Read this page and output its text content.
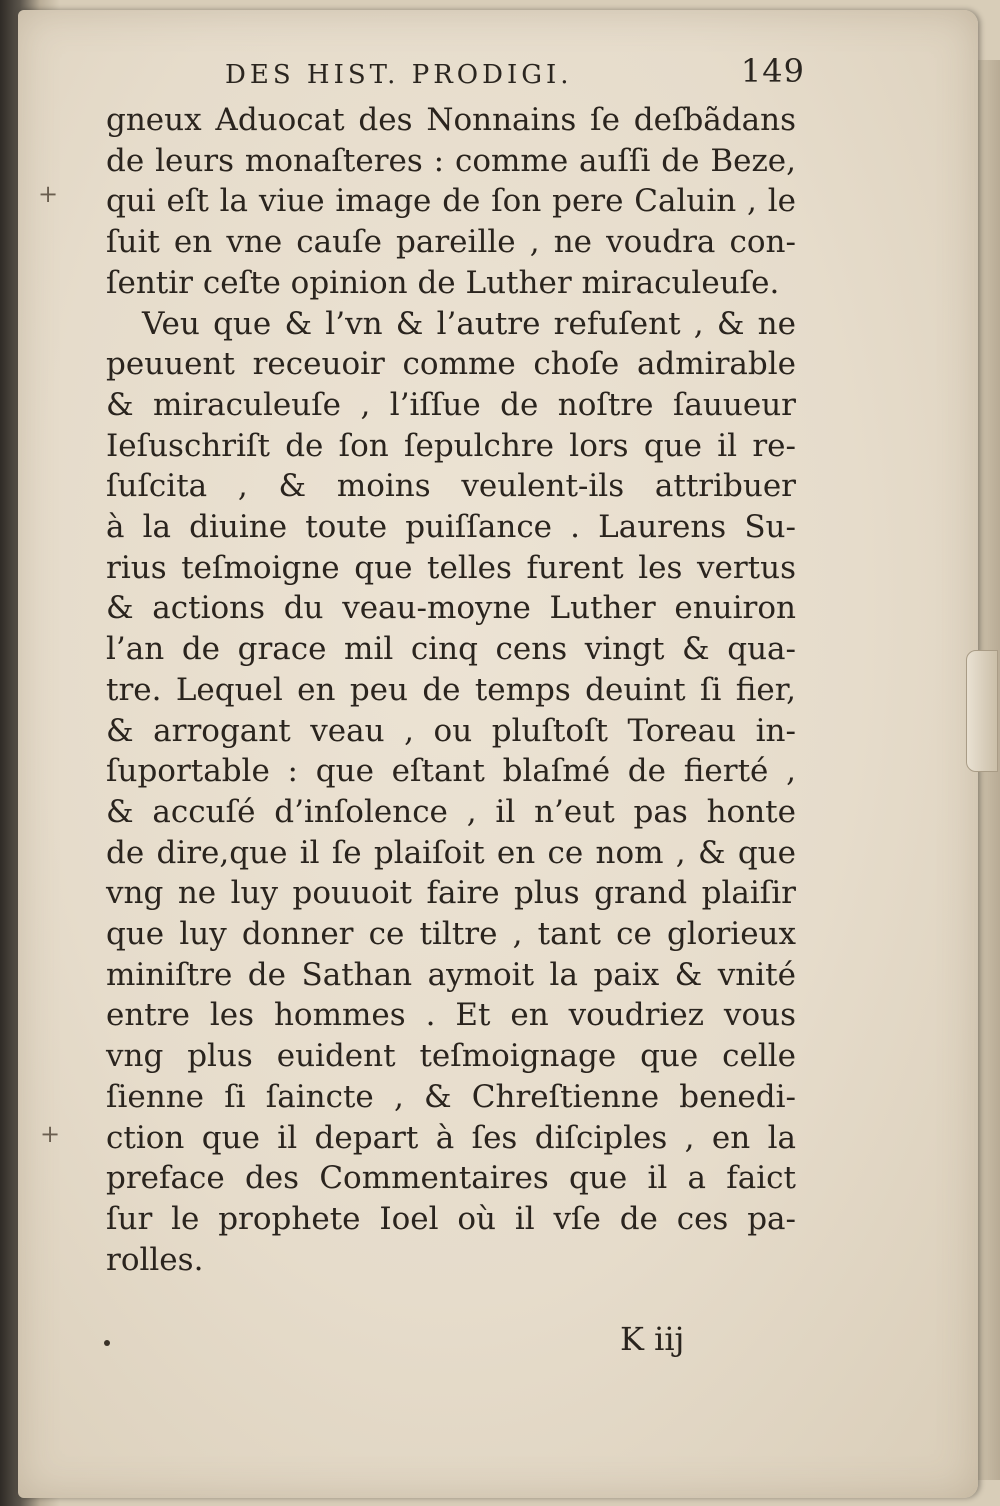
DES HIST. PRODIGI.	149
+
+
gneux Aduocat des Nonnains ſe deſbãdans
de leurs monaſteres : comme auſſi de Beze,
qui eſt la viue image de ſon pere Caluin , le
ſuit en vne cauſe pareille , ne voudra con-
ſentir ceſte opinion de Luther miraculeuſe.
Veu que & l’vn & l’autre refuſent , & ne
peuuent receuoir comme choſe admirable
& miraculeuſe , l’iſſue de noſtre ſauueur
Ieſuschriſt de ſon ſepulchre lors que il re-
ſuſcita , & moins veulent-ils attribuer
à la diuine toute puiſſance . Laurens Su-
rius teſmoigne que telles furent les vertus
& actions du veau-moyne Luther enuiron
l’an de grace mil cinq cens vingt & qua-
tre. Lequel en peu de temps deuint ſi fier,
& arrogant veau , ou pluſtoſt Toreau in-
ſuportable : que eſtant blaſmé de fierté ,
& accuſé d’inſolence , il n’eut pas honte
de dire,que il ſe plaiſoit en ce nom , & que
vng ne luy pouuoit faire plus grand plaiſir
que luy donner ce tiltre , tant ce glorieux
miniſtre de Sathan aymoit la paix & vnité
entre les hommes . Et en voudriez vous
vng plus euident teſmoignage que celle
ſienne ſi ſaincte , & Chreſtienne benedi-
ction que il depart à ſes diſciples , en la
preface des Commentaires que il a faict
ſur le prophete Ioel où il vſe de ces pa-
rolles.
K iij
